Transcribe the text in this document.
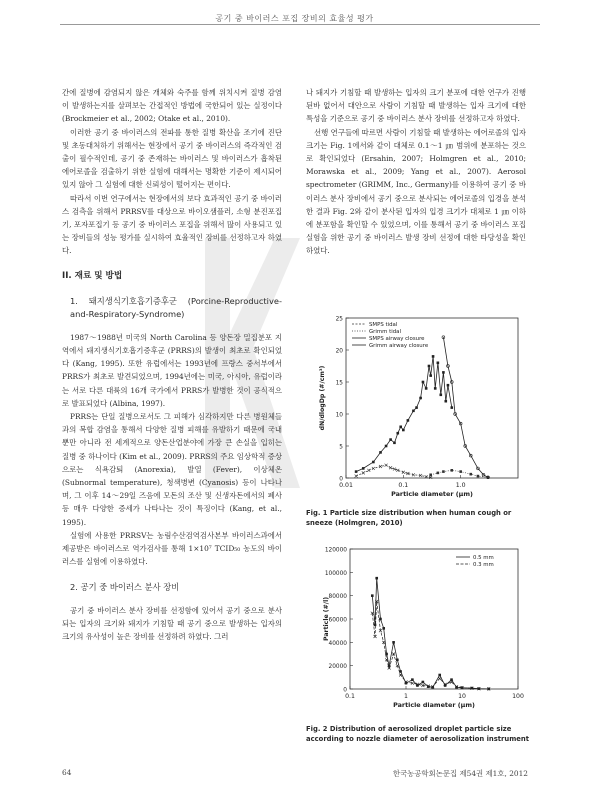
공기 중 바이러스 포집 장비의 효율성 평가

간에 질병에 감염되지 않은 개체와 숙주를 함께 위치시켜 질병 감염이 발생하는지를 살펴보는 간접적인 방법에 국한되어 있는 실정이다 (Brockmeier et al., 2002; Otake et al., 2010).

이러한 공기 중 바이러스의 전파를 통한 질병 확산을 조기에 진단 및 초동대처하기 위해서는 현장에서 공기 중 바이러스의 즉각적인 검출이 필수적인데, 공기 중 존재하는 바이러스 및 바이러스가 흡착된 에어로졸을 검출하기 위한 실험에 대해서는 명확한 기준이 제시되어 있지 않아 그 실험에 대한 신뢰성이 떨어지는 편이다.

따라서 이번 연구에서는 현장에서의 보다 효과적인 공기 중 바이러스 검측을 위해서 PRRSV를 대상으로 바이오샘플러, 소형 분진포집기, 포자포집기 등 공기 중 바이러스 포집을 위해서 많이 사용되고 있는 장비들의 성능 평가를 실시하여 효율적인 장비를 선정하고자 하였다.

II. 재료 및 방법
1. 돼지생식기호흡기증후군 (Porcine-Reproductive-and-Respiratory-Syndrome)

1987～1988년 미국의 North Carolina 등 양돈장 밀집분포 지역에서 돼지생식기호흡기증후군 (PRRS)의 발생이 최초로 확인되었다 (Kang, 1995). 또한 유럽에서는 1993년에 프랑스 중서부에서 PRRS가 최초로 발견되었으며, 1994년에는 미국, 아시아, 유럽이라는 서로 다른 대륙의 16개 국가에서 PRRS가 발병한 것이 공식적으로 발표되었다 (Albina, 1997).

PRRS는 단일 질병으로서도 그 피해가 심각하지만 다른 병원체들과의 복합 감염을 통해서 다양한 질병 피해를 유발하기 때문에 국내뿐만 아니라 전 세계적으로 양돈산업분야에 가장 큰 손실을 입히는 질병 중 하나이다 (Kim et al., 2009). PRRS의 주요 임상학적 증상으로는 식욕감퇴 (Anorexia), 발열 (Fever), 이상체온 (Subnormal temperature), 청색병변 (Cyanosis) 등이 나타나며, 그 이후 14～29일 즈음에 모돈의 조산 및 신생자돈에서의 폐사 등 매우 다양한 증세가 나타나는 것이 특징이다 (Kang, et al., 1995).

실험에 사용한 PRRSV는 농림수산검역검사본부 바이러스과에서 제공받은 바이러스로 역가검사를 통해 1×10⁷ TCID₅₀ 농도의 바이러스를 실험에 이용하였다.

2. 공기 중 바이러스 분사 장비

공기 중 바이러스 분사 장비를 선정함에 있어서 공기 중으로 분사되는 입자의 크기와 돼지가 기침할 때 공기 중으로 발생하는 입자의 크기의 유사성이 높은 장비를 선정하려 하였다. 그러

나 돼지가 기침할 때 발생하는 입자의 크기 분포에 대한 연구가 진행된바 없어서 대안으로 사람이 기침할 때 발생하는 입자 크기에 대한 특성을 기준으로 공기 중 바이러스 분사 장비를 선정하고자 하였다.

선행 연구들에 따르면 사람이 기침할 때 발생하는 에어로졸의 입자 크기는 Fig. 1에서와 같이 대체로 0.1～1 ㎛ 범위에 분포하는 것으로 확인되었다 (Ersahin, 2007; Holmgren et al., 2010; Morawska et al., 2009; Yang et al., 2007). Aerosol spectrometer (GRIMM, Inc., Germany)를 이용하여 공기 중 바이러스 분사 장비에서 공기 중으로 분사되는 에어로졸의 입경을 분석한 결과 Fig. 2와 같이 분사된 입자의 입경 크기가 대체로 1 ㎛ 이하에 분포함을 확인할 수 있었으며, 이를 통해서 공기 중 바이러스 포집 실험을 위한 공기 중 바이러스 발생 장비 선정에 대한 타당성을 확인하였다.

0
5
10
15
20
25
0.01	0.1	1.0
Particle diameter (μm)
dN/dlogDp (#/cm³)
SMPS tidal
Grimm tidal
SMPS airway closure
Grimm airway closure
Fig. 1 Particle size distribution when human cough or sneeze (Holmgren, 2010)
0
20000
40000
60000
80000
100000
120000
0.1	1	10	100
Particle diameter (μm)
Particle (#/l)
0.5 mm
0.3 mm
Fig. 2 Distribution of aerosolized droplet particle size according to nozzle diameter of aerosolization instrument
64	한국농공학회논문집 제54권 제1호, 2012
